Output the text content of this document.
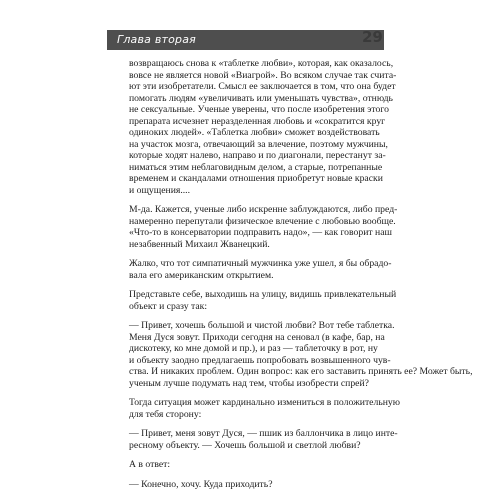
Глава вторая	29
возвращаюсь снова к «таблетке любви», которая, как оказалось,
вовсе не является новой «Виагрой». Во всяком случае так счита-
ют эти изобретатели. Смысл ее заключается в том, что она будет
помогать людям «увеличивать или уменьшать чувства», отнюдь
не сексуальные. Ученые уверены, что после изобретения этого
препарата исчезнет неразделенная любовь и «сократится круг
одиноких людей». «Таблетка любви» сможет воздействовать
на участок мозга, отвечающий за влечение, поэтому мужчины,
которые ходят налево, направо и по диагонали, перестанут за-
ниматься этим неблаговидным делом, а старые, потрепанные
временем и скандалами отношения приобретут новые краски
и ощущения....
М-да. Кажется, ученые либо искренне заблуждаются, либо пред-
намеренно перепутали физическое влечение с любовью вообще.
«Что-то в консерватории подправить надо», — как говорит наш
незабвенный Михаил Жванецкий.
Жалко, что тот симпатичный мужчинка уже ушел, я бы обрадо-
вала его американским открытием.
Представьте себе, выходишь на улицу, видишь привлекательный
объект и сразу так:
— Привет, хочешь большой и чистой любви? Вот тебе таблетка.
Меня Дуся зовут. Приходи сегодня на сеновал (в кафе, бар, на
дискотеку, ко мне домой и пр.), и раз — таблеточку в рот, ну
и объекту заодно предлагаешь попробовать возвышенного чув-
ства. И никаких проблем. Один вопрос: как его заставить принять ее? Может быть,
ученым лучше подумать над тем, чтобы изобрести спрей?
Тогда ситуация может кардинально измениться в положительную
для тебя сторону:
— Привет, меня зовут Дуся, — пшик из баллончика в лицо инте-
ресному объекту. — Хочешь большой и светлой любви?
А в ответ:
— Конечно, хочу. Куда приходить?
